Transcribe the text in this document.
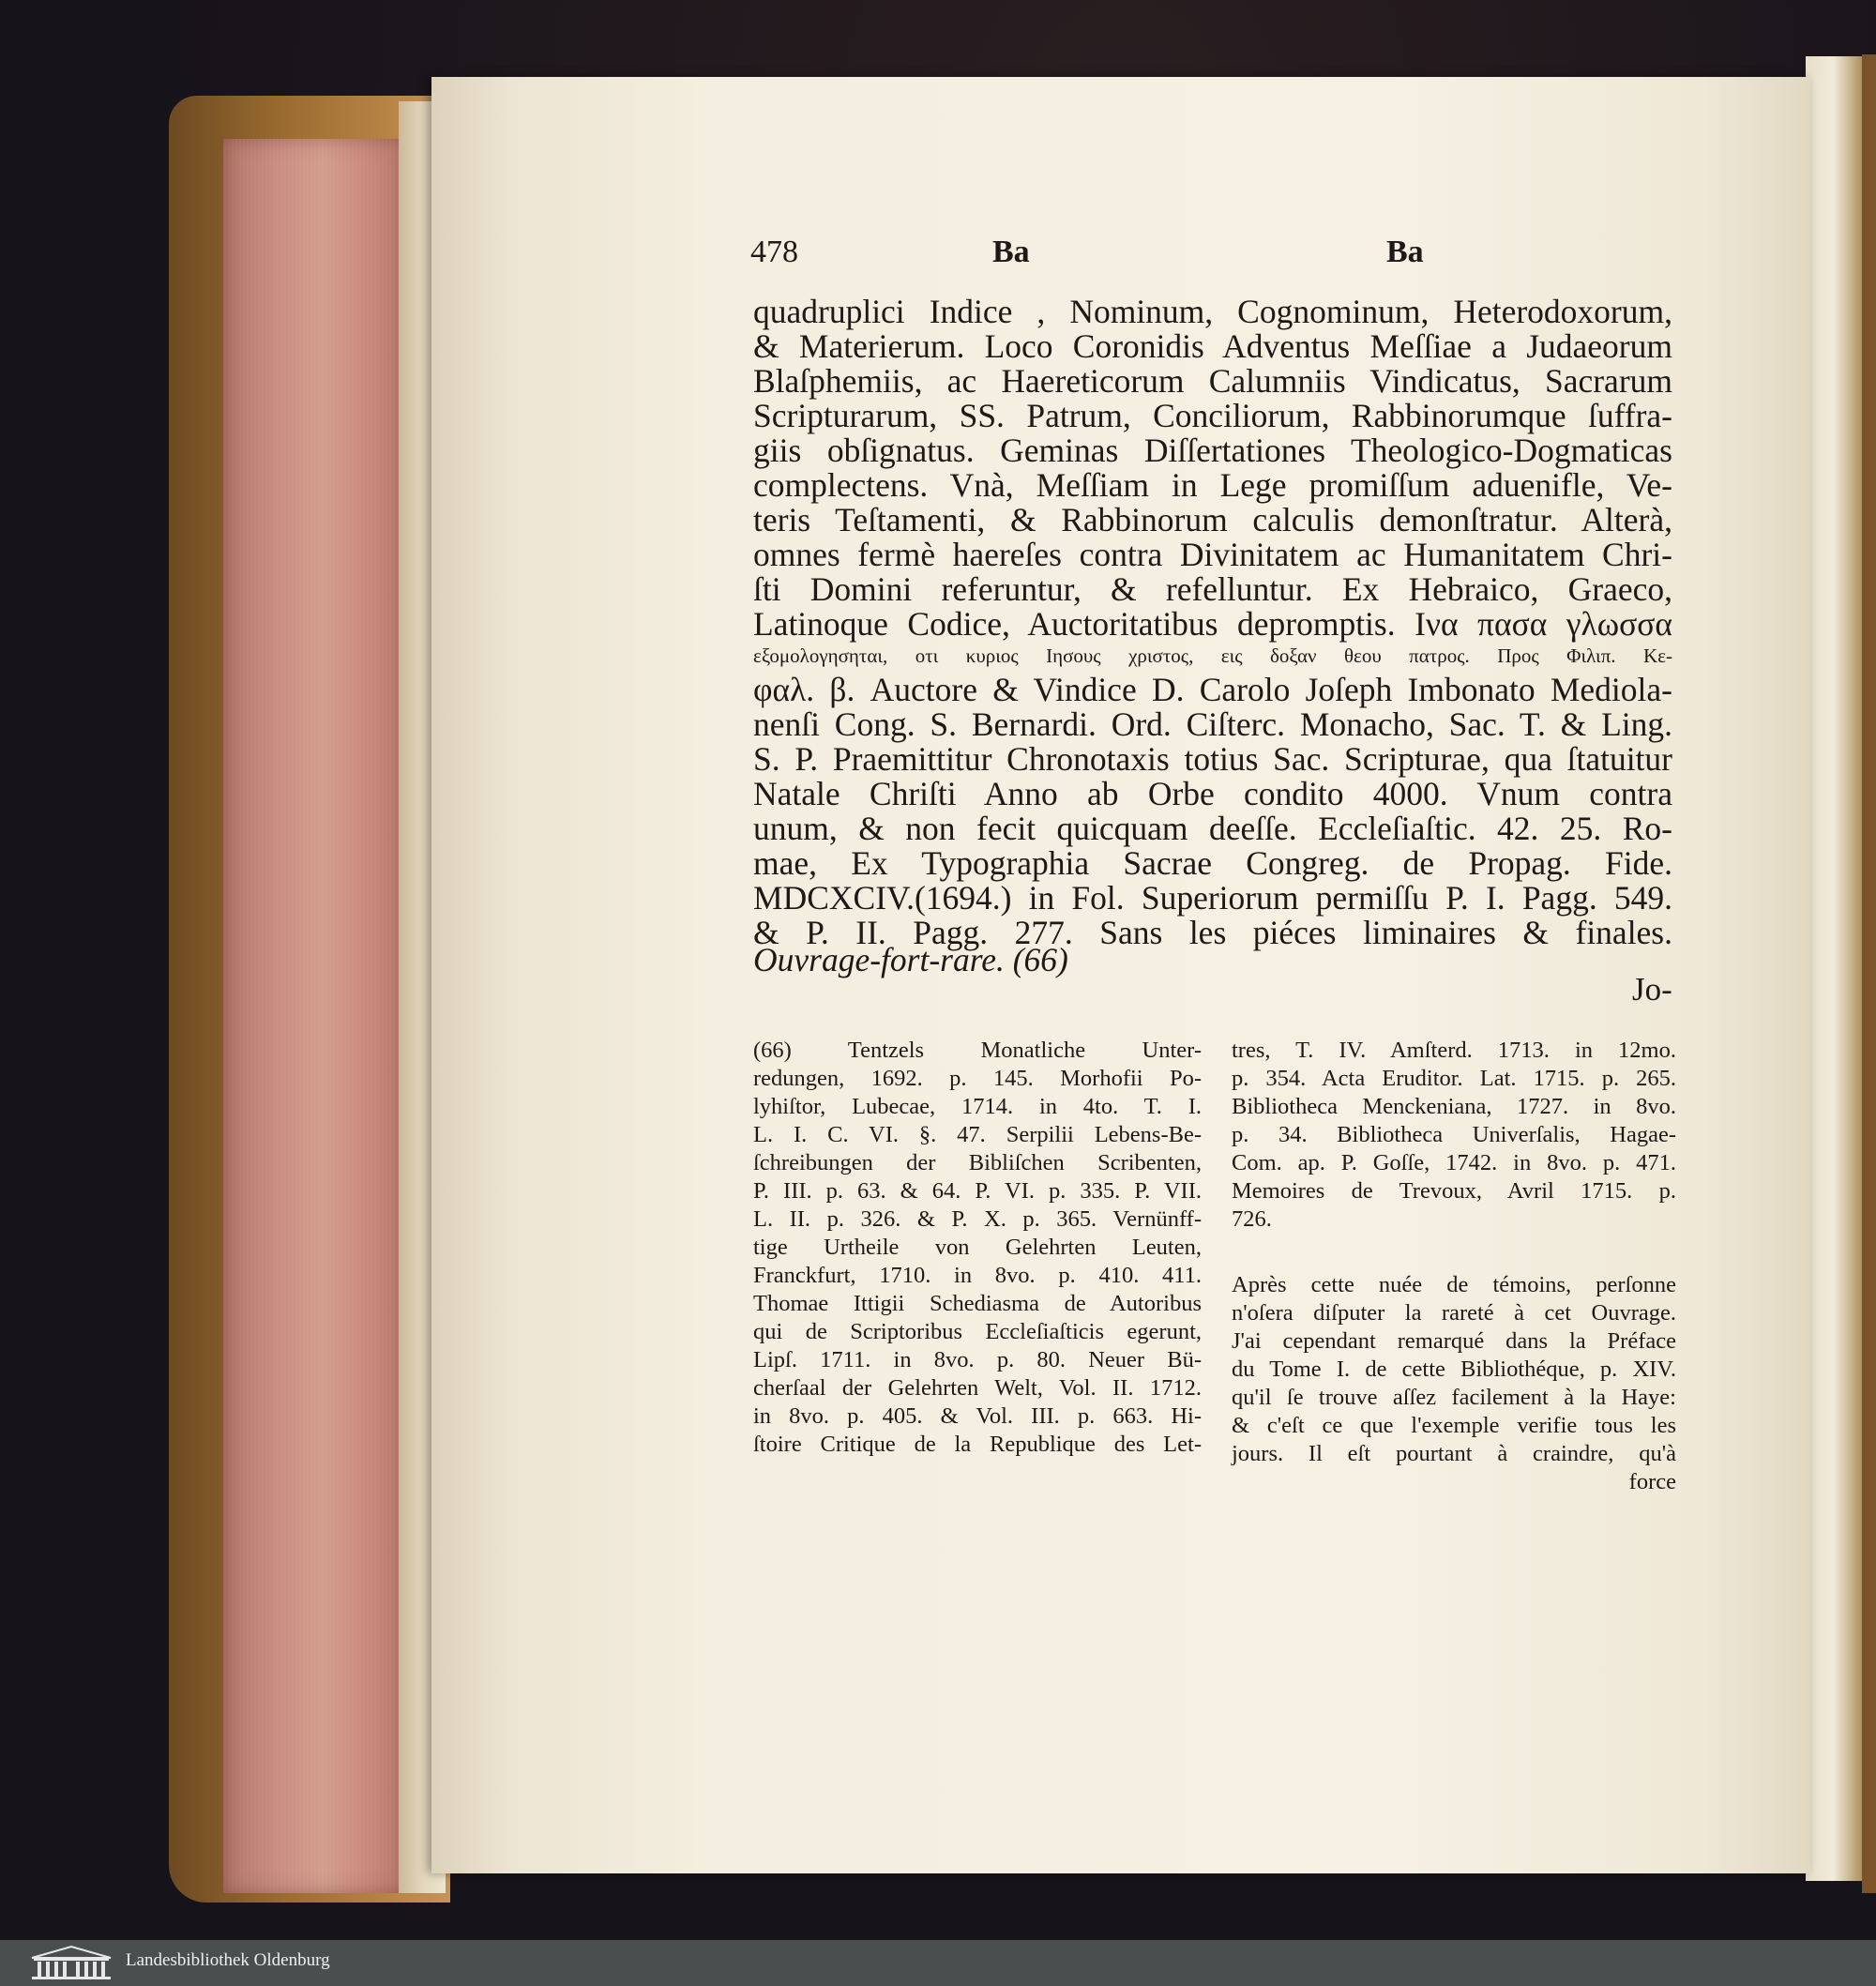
478	Ba	Ba
quadruplici Indice , Nominum, Cognominum, Heterodoxorum,
& Materierum. Loco Coronidis Adventus Meſſiae a Judaeorum
Blaſphemiis, ac Haereticorum Calumniis Vindicatus, Sacrarum
Scripturarum, SS. Patrum, Conciliorum, Rabbinorumque ſuffra-
giis obſignatus. Geminas Diſſertationes Theologico-Dogmaticas
complectens. Vnà, Meſſiam in Lege promiſſum aduenifle, Ve-
teris Teſtamenti, & Rabbinorum calculis demonſtratur. Alterà,
omnes fermè haereſes contra Divinitatem ac Humanitatem Chri-
ſti Domini referuntur, & refelluntur. Ex Hebraico, Graeco,
Latinoque Codice, Auctoritatibus depromptis. Ινα πασα γλωσσα
εξομολογησηται, οτι κυριος Ιησους χριστος, εις δοξαν θεου πατρος. Προς Φιλιπ. Κε-
φαλ. β. Auctore & Vindice D. Carolo Joſeph Imbonato Mediola-
nenſi Cong. S. Bernardi. Ord. Ciſterc. Monacho, Sac. T. & Ling.
S. P. Praemittitur Chronotaxis totius Sac. Scripturae, qua ſtatuitur
Natale Chriſti Anno ab Orbe condito 4000. Vnum contra
unum, & non fecit quicquam deeſſe. Eccleſiaſtic. 42. 25. Ro-
mae, Ex Typographia Sacrae Congreg. de Propag. Fide.
MDCXCIV.(1694.) in Fol. Superiorum permiſſu P. I. Pagg. 549.
& P. II. Pagg. 277. Sans les piéces liminaires & finales.
Ouvrage-fort-rare. (66)
Jo-
(66) Tentzels Monatliche Unter-
redungen, 1692. p. 145. Morhofii Po-
lyhiſtor, Lubecae, 1714. in 4to. T. I.
L. I. C. VI. §. 47. Serpilii Lebens-Be-
ſchreibungen der Bibliſchen Scribenten,
P. III. p. 63. & 64. P. VI. p. 335. P. VII.
L. II. p. 326. & P. X. p. 365. Vernünff-
tige Urtheile von Gelehrten Leuten,
Franckfurt, 1710. in 8vo. p. 410. 411.
Thomae Ittigii Schediasma de Autoribus
qui de Scriptoribus Eccleſiaſticis egerunt,
Lipſ. 1711. in 8vo. p. 80. Neuer Bü-
cherſaal der Gelehrten Welt, Vol. II. 1712.
in 8vo. p. 405. & Vol. III. p. 663. Hi-
ſtoire Critique de la Republique des Let-
tres, T. IV. Amſterd. 1713. in 12mo.
p. 354. Acta Eruditor. Lat. 1715. p. 265.
Bibliotheca Menckeniana, 1727. in 8vo.
p. 34. Bibliotheca Univerſalis, Hagae-
Com. ap. P. Goſſe, 1742. in 8vo. p. 471.
Memoires de Trevoux, Avril 1715. p.
726.
Après cette nuée de témoins, perſonne
n'oſera diſputer la rareté à cet Ouvrage.
J'ai cependant remarqué dans la Préface
du Tome I. de cette Bibliothéque, p. XIV.
qu'il ſe trouve aſſez facilement à la Haye:
& c'eſt ce que l'exemple verifie tous les
jours. Il eſt pourtant à craindre, qu'à
force
Landesbibliothek Oldenburg
